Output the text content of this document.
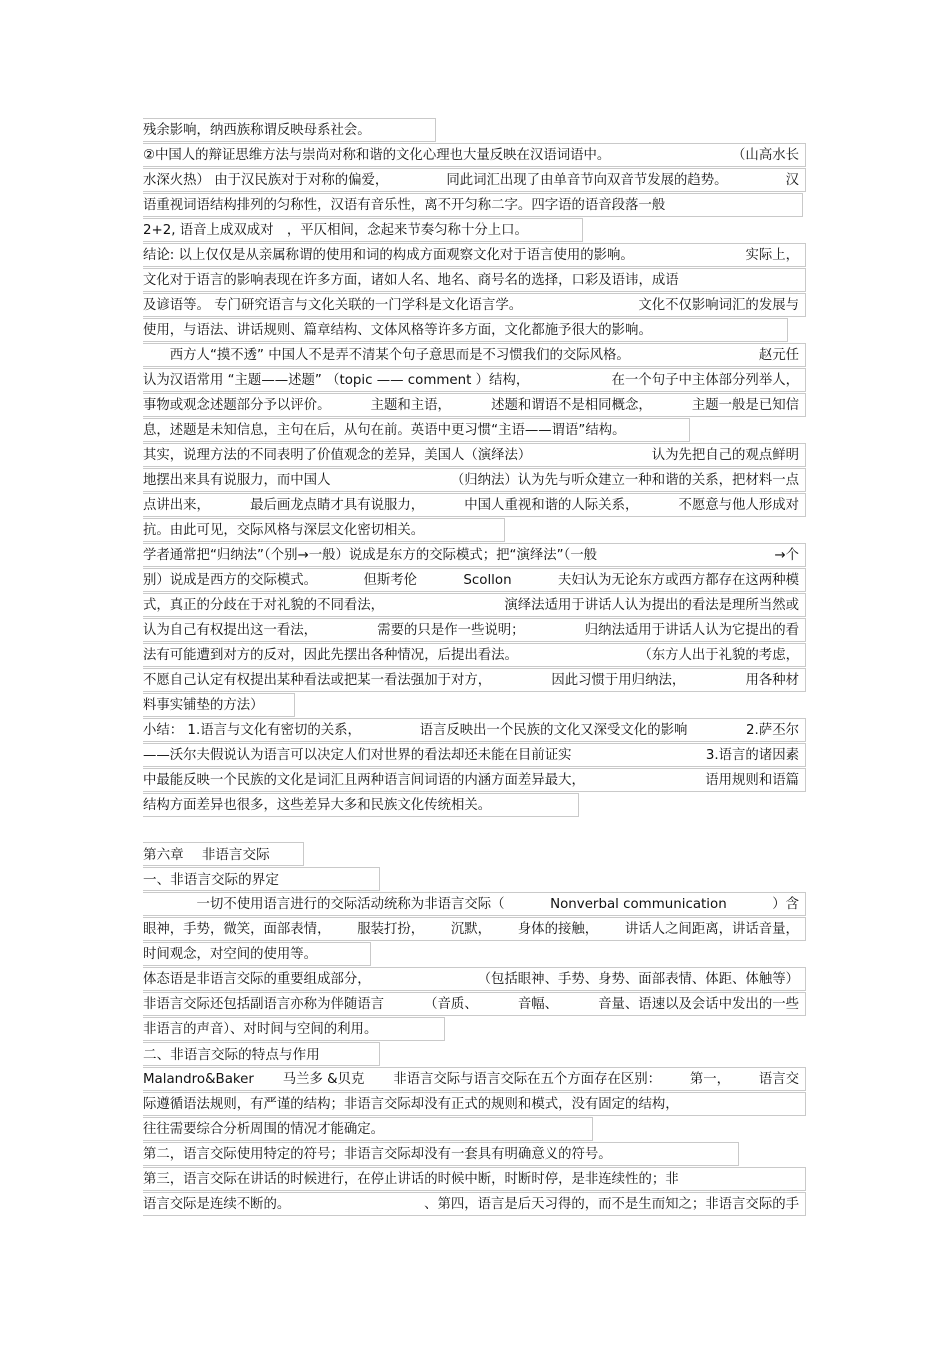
残余影响，纳西族称谓反映母系社会。
②中国人的辩证思维方法与崇尚对称和谐的文化心理也大量反映在汉语词语中。	（山高水长
水深火热） 由于汉民族对于对称的偏爱，	同此词汇出现了由单音节向双音节发展的趋势。	汉
语重视词语结构排列的匀称性，汉语有音乐性，离不开匀称二字。四字语的语音段落一般
2+2, 语音上成双成对　，平仄相间，念起来节奏匀称十分上口。
结论: 以上仅仅是从亲属称谓的使用和词的构成方面观察文化对于语言使用的影响。	实际上，
文化对于语言的影响表现在许多方面，诸如人名、地名、商号名的选择，口彩及语讳，成语
及谚语等。 专门研究语言与文化关联的一门学科是文化语言学。	文化不仅影响词汇的发展与
使用，与语法、讲话规则、篇章结构、文体风格等许多方面，文化都施予很大的影响。
　　西方人“摸不透” 中国人不是弄不清某个句子意思而是不习惯我们的交际风格。	赵元任
认为汉语常用 “主题——述题” （topic —— comment ）结构，	在一个句子中主体部分列举人，
事物或观念述题部分予以评价。	主题和主语，	述题和谓语不是相同概念，	主题一般是已知信
息，述题是未知信息，主句在后，从句在前。英语中更习惯“主语——谓语”结构。
其实，说理方法的不同表明了价值观念的差异，美国人（演绎法）	认为先把自己的观点鲜明
地摆出来具有说服力，而中国人	（归纳法）认为先与听众建立一种和谐的关系，把材料一点
点讲出来，	最后画龙点睛才具有说服力，	中国人重视和谐的人际关系，	不愿意与他人形成对
抗。由此可见，交际风格与深层文化密切相关。
学者通常把“归纳法”（个别→一般）说成是东方的交际模式；把“演绎法”（一般	→个
别）说成是西方的交际模式。	但斯考伦	Scollon	夫妇认为无论东方或西方都存在这两种模
式，真正的分歧在于对礼貌的不同看法，	演绎法适用于讲话人认为提出的看法是理所当然或
认为自己有权提出这一看法，	需要的只是作一些说明；	归纳法适用于讲话人认为它提出的看
法有可能遭到对方的反对，因此先摆出各种情况，后提出看法。	（东方人出于礼貌的考虑，
不愿自己认定有权提出某种看法或把某一看法强加于对方，	因此习惯于用归纳法，	用各种材
料事实铺垫的方法）
小结： 1.语言与文化有密切的关系，	语言反映出一个民族的文化又深受文化的影响	2.萨丕尔
——沃尔夫假说认为语言可以决定人们对世界的看法却还未能在目前证实	3.语言的诸因素
中最能反映一个民族的文化是词汇且两种语言间词语的内涵方面差异最大，	语用规则和语篇
结构方面差异也很多，这些差异大多和民族文化传统相关。
第六章　 非语言交际
一、非语言交际的界定
　　　　一切不使用语言进行的交际活动统称为非语言交际（	Nonverbal communication	）含
眼神，手势，微笑，面部表情， 服装打扮， 沉默， 身体的接触， 讲话人之间距离，讲话音量，
时间观念，对空间的使用等。
体态语是非语言交际的重要组成部分，	（包括眼神、手势、身势、面部表情、体距、体触等）
非语言交际还包括副语言亦称为伴随语言	（音质、	音幅、	音量、语速以及会话中发出的一些
非语言的声音）、对时间与空间的利用。
二、非语言交际的特点与作用
Malandro&Baker 马兰多 &贝克 非语言交际与语言交际在五个方面存在区别： 第一， 语言交
际遵循语法规则，有严谨的结构；非语言交际却没有正式的规则和模式，没有固定的结构，
往往需要综合分析周围的情况才能确定。
第二，语言交际使用特定的符号；非语言交际却没有一套具有明确意义的符号。
第三，语言交际在讲话的时候进行，在停止讲话的时候中断，时断时停，是非连续性的；非
语言交际是连续不断的。	、第四，语言是后天习得的，而不是生而知之；非语言交际的手
